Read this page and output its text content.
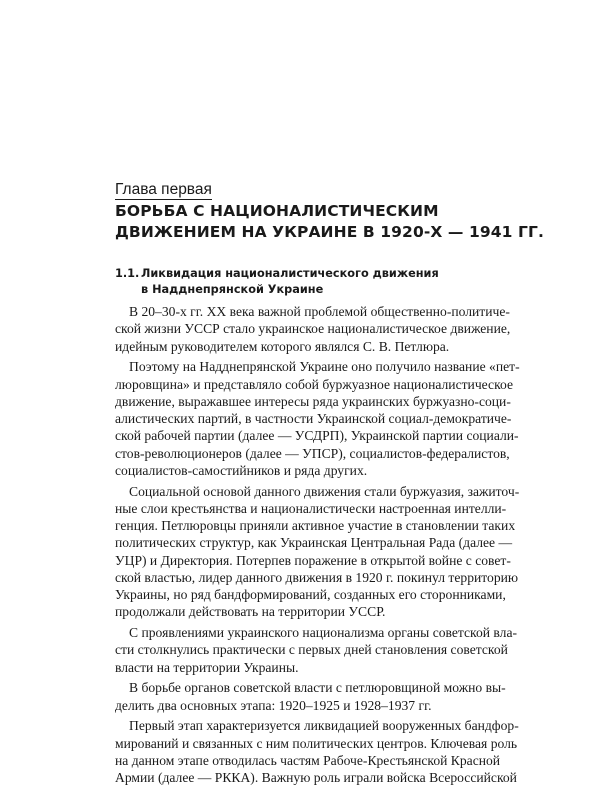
Глава первая
БОРЬБА С НАЦИОНАЛИСТИЧЕСКИМ
ДВИЖЕНИЕМ НА УКРАИНЕ В 1920-Х — 1941 ГГ.
1.1. Ликвидация националистического движения
в Надднепрянской Украине
В 20–30-х гг. XX века важной проблемой общественно-политиче-
ской жизни УССР стало украинское националистическое движение,
идейным руководителем которого являлся С. В. Петлюра.
Поэтому на Надднепрянской Украине оно получило название «пет-
люровщина» и представляло собой буржуазное националистическое
движение, выражавшее интересы ряда украинских буржуазно-соци-
алистических партий, в частности Украинской социал-демократиче-
ской рабочей партии (далее — УСДРП), Украинской партии социали-
стов-революционеров (далее — УПСР), социалистов-федералистов,
социалистов-самостийников и ряда других.
Социальной основой данного движения стали буржуазия, зажиточ-
ные слои крестьянства и националистически настроенная интелли-
генция. Петлюровцы приняли активное участие в становлении таких
политических структур, как Украинская Центральная Рада (далее —
УЦР) и Директория. Потерпев поражение в открытой войне с совет-
ской властью, лидер данного движения в 1920 г. покинул территорию
Украины, но ряд бандформирований, созданных его сторонниками,
продолжали действовать на территории УССР.
С проявлениями украинского национализма органы советской вла-
сти столкнулись практически с первых дней становления советской
власти на территории Украины.
В борьбе органов советской власти с петлюровщиной можно вы-
делить два основных этапа: 1920–1925 и 1928–1937 гг.
Первый этап характеризуется ликвидацией вооруженных бандфор-
мирований и связанных с ним политических центров. Ключевая роль
на данном этапе отводилась частям Рабоче-Крестьянской Красной
Армии (далее — РККА). Важную роль играли войска Всероссийской
